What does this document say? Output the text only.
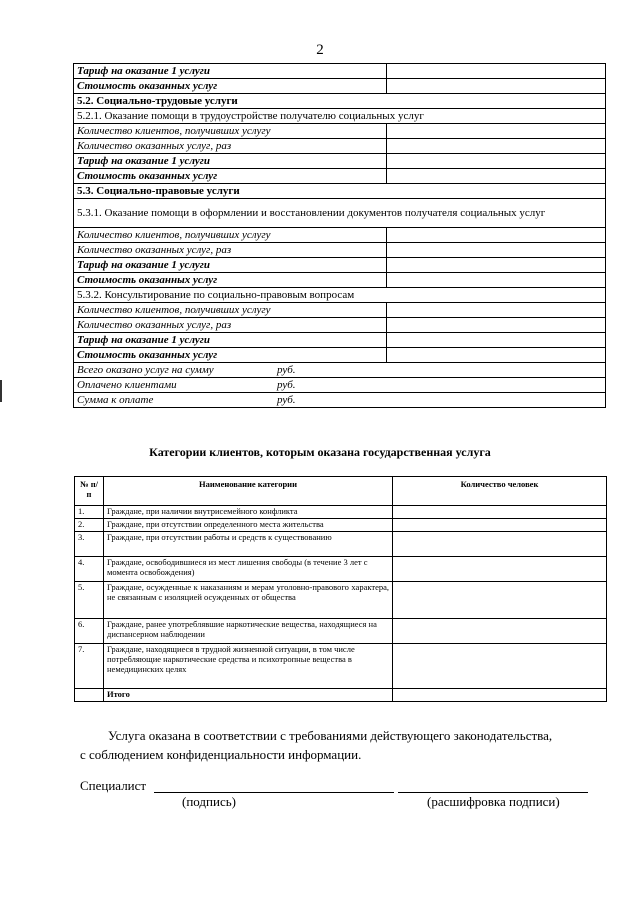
2
Тариф на оказание 1 услуги	
Стоимость оказанных услуг	
5.2. Социально-трудовые услуги	
5.2.1. Оказание помощи в трудоустройстве получателю социальных услуг	
Количество клиентов, получивших услугу	
Количество оказанных услуг, раз	
Тариф на оказание 1 услуги	
Стоимость оказанных услуг	
5.3. Социально-правовые услуги	
5.3.1. Оказание помощи в оформлении и восстановлении документов получателя социальных услуг	
Количество клиентов, получивших услугу	
Количество оказанных услуг, раз	
Тариф на оказание 1 услуги	
Стоимость оказанных услуг	
5.3.2. Консультирование по социально-правовым вопросам	
Количество клиентов, получивших услугу	
Количество оказанных услуг, раз	
Тариф на оказание 1 услуги	
Стоимость оказанных услуг	

Всего оказано услуг на сумму руб.	

Оплачено клиентами руб.	

Сумма к оплате руб.	
Категории клиентов, которым оказана государственная услуга
№ п/п	Наименование категории	Количество человек
1.	Граждане, при наличии внутрисемейного конфликта	
2.	Граждане, при отсутствии определенного места жительства	
3.	Граждане, при отсутствии работы и средств к существованию	
4.	Граждане, освободившиеся из мест лишения свободы (в течение 3 лет с момента освобождения)	
5.	Граждане, осужденные к наказаниям и мерам уголовно-правового характера, не связанным с изоляцией осужденных от общества	
6.	Граждане, ранее употреблявшие наркотические вещества, находящиеся на диспансерном наблюдении	
7.	Граждане, находящиеся в трудной жизненной ситуации, в том числе потребляющие наркотические средства и психотропные вещества в немедицинских целях	
	Итого	

Услуга оказана в соответствии с требованиями действующего законодательства,

с соблюдением конфиденциальности информации.

Специалист
(подпись)	(расшифровка подписи)
